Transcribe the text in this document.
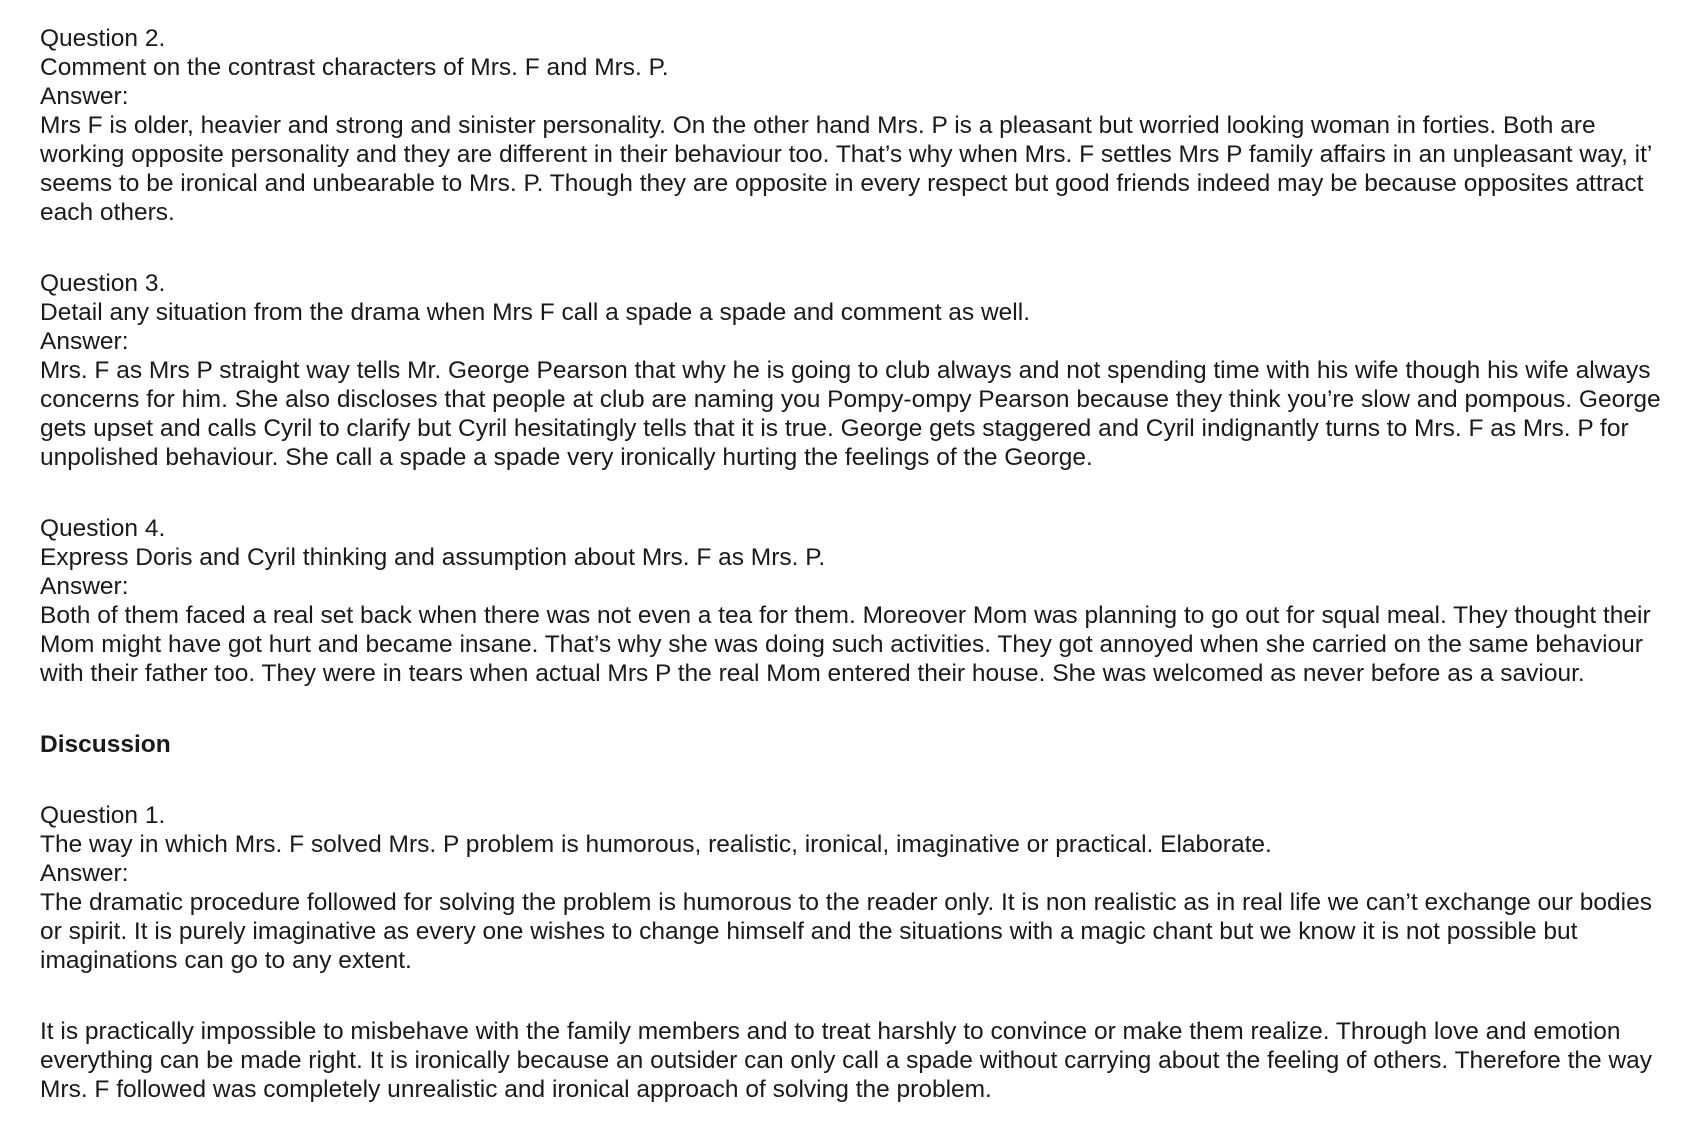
Question 2.

Comment on the contrast characters of Mrs. F and Mrs. P.

Answer:

Mrs F is older, heavier and strong and sinister personality. On the other hand Mrs. P is a pleasant but worried looking woman in forties. Both are working opposite personality and they are different in their behaviour too. That’s why when Mrs. F settles Mrs P family affairs in an unpleasant way, it’ seems to be ironical and unbearable to Mrs. P. Though they are opposite in every respect but good friends indeed may be because opposites attract each others.

Question 3.

Detail any situation from the drama when Mrs F call a spade a spade and comment as well.

Answer:

Mrs. F as Mrs P straight way tells Mr. George Pearson that why he is going to club always and not spending time with his wife though his wife always concerns for him. She also discloses that people at club are naming you Pompy-ompy Pearson because they think you’re slow and pompous. George gets upset and calls Cyril to clarify but Cyril hesitatingly tells that it is true. George gets staggered and Cyril indignantly turns to Mrs. F as Mrs. P for unpolished behaviour. She call a spade a spade very ironically hurting the feelings of the George.

Question 4.

Express Doris and Cyril thinking and assumption about Mrs. F as Mrs. P.

Answer:

Both of them faced a real set back when there was not even a tea for them. Moreover Mom was planning to go out for squal meal. They thought their Mom might have got hurt and became insane. That’s why she was doing such activities. They got annoyed when she carried on the same behaviour with their father too. They were in tears when actual Mrs P the real Mom entered their house. She was welcomed as never before as a saviour.

Discussion

Question 1.

The way in which Mrs. F solved Mrs. P problem is humorous, realistic, ironical, imaginative or practical. Elaborate.

Answer:

The dramatic procedure followed for solving the problem is humorous to the reader only. It is non realistic as in real life we can’t exchange our bodies or spirit. It is purely imaginative as every one wishes to change himself and the situations with a magic chant but we know it is not possible but imaginations can go to any extent.

It is practically impossible to misbehave with the family members and to treat harshly to convince or make them realize. Through love and emotion everything can be made right. It is ironically because an outsider can only call a spade without carrying about the feeling of others. Therefore the way Mrs. F followed was completely unrealistic and ironical approach of solving the problem.
